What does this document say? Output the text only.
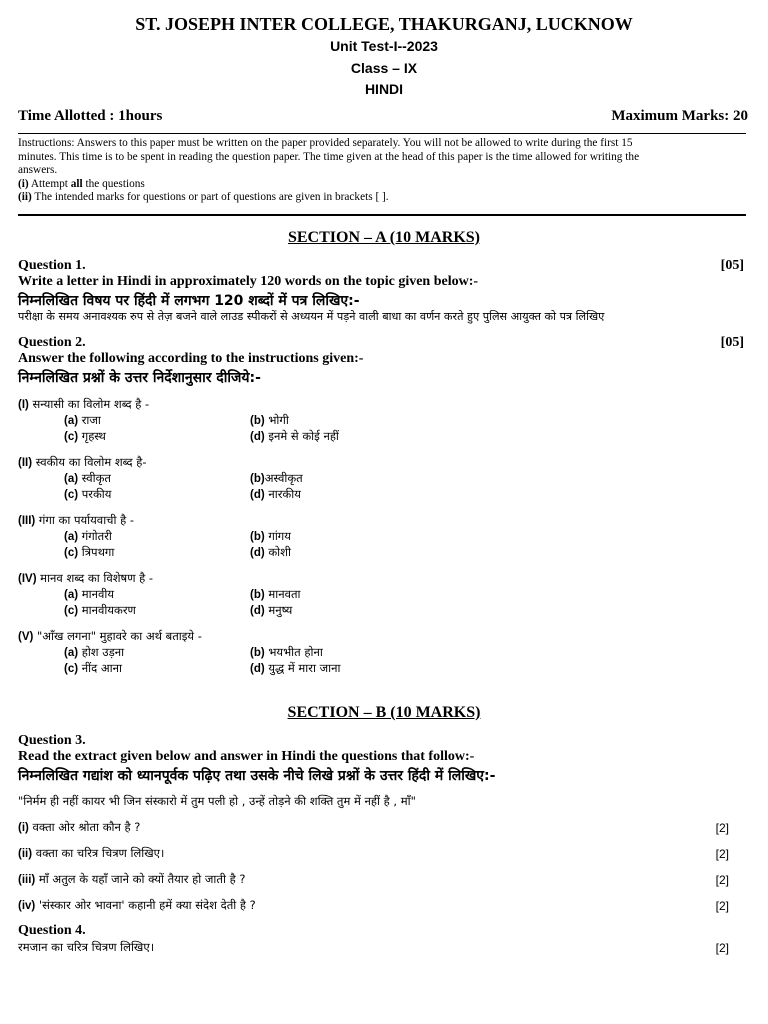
ST. JOSEPH INTER COLLEGE, THAKURGANJ, LUCKNOW
Unit Test-I--2023
Class – IX
HINDI
Time Allotted : 1hours	Maximum Marks: 20
Instructions: Answers to this paper must be written on the paper provided separately. You will not be allowed to write during the first 15
minutes. This time is to be spent in reading the question paper. The time given at the head of this paper is the time allowed for writing the
answers.
(i) Attempt all the questions
(ii) The intended marks for questions or part of questions are given in brackets [ ].
SECTION – A (10 MARKS)
Question 1.	[05]
Write a letter in Hindi in approximately 120 words on the topic given below:-
निम्नलिखित विषय पर हिंदी में लगभग 120 शब्दों में पत्र लिखिए:-
परीक्षा के समय अनावश्यक रुप से तेज़ बजने वाले लाउड स्पीकरों से अध्ययन में पड़ने वाली बाधा का वर्णन करते हुए पुलिस आयुक्त को पत्र लिखिए
Question 2.	[05]
Answer the following according to the instructions given:-
निम्नलिखित प्रश्नों के उत्तर निर्देशानुसार दीजिये:-
(I) सन्यासी का विलोम शब्द है -
(a) राजा	(b) भोगी
(c) गृहस्थ	(d) इनमे से कोई नहीं
(II) स्वकीय का विलोम शब्द है-
(a) स्वीकृत	(b)अस्वीकृत
(c) परकीय	(d) नारकीय
(III) गंगा का पर्यायवाची है -
(a) गंगोतरी	(b) गांगय
(c) त्रिपथगा	(d) कोशी
(IV) मानव शब्द का विशेषण है -
(a) मानवीय	(b) मानवता
(c) मानवीयकरण	(d) मनुष्य
(V) "आँख लगना" मुहावरे का अर्थ बताइये -
(a) होश उड़ना	(b) भयभीत होना
(c) नींद आना	(d) युद्ध में मारा जाना
SECTION – B (10 MARKS)
Question 3.
Read the extract given below and answer in Hindi the questions that follow:-
निम्नलिखित गद्यांश को ध्यानपूर्वक पढ़िए तथा उसके नीचे लिखे प्रश्नों के उत्तर हिंदी में लिखिए:-
"निर्मम ही नहीं कायर भी जिन संस्कारो में तुम पली हो , उन्हें तोड़ने की शक्ति तुम में नहीं है , माँ"
(i) वक्ता ओर श्रोता कौन है ?	[2]
(ii) वक्ता का चरित्र चित्रण लिखिए।	[2]
(iii) माँ अतुल के यहाँ जाने को क्यों तैयार हो जाती है ?	[2]
(iv) 'संस्कार ओर भावना' कहानी हमें क्या संदेश देती है ?	[2]
Question 4.
रमजान का चरित्र चित्रण लिखिए।	[2]
